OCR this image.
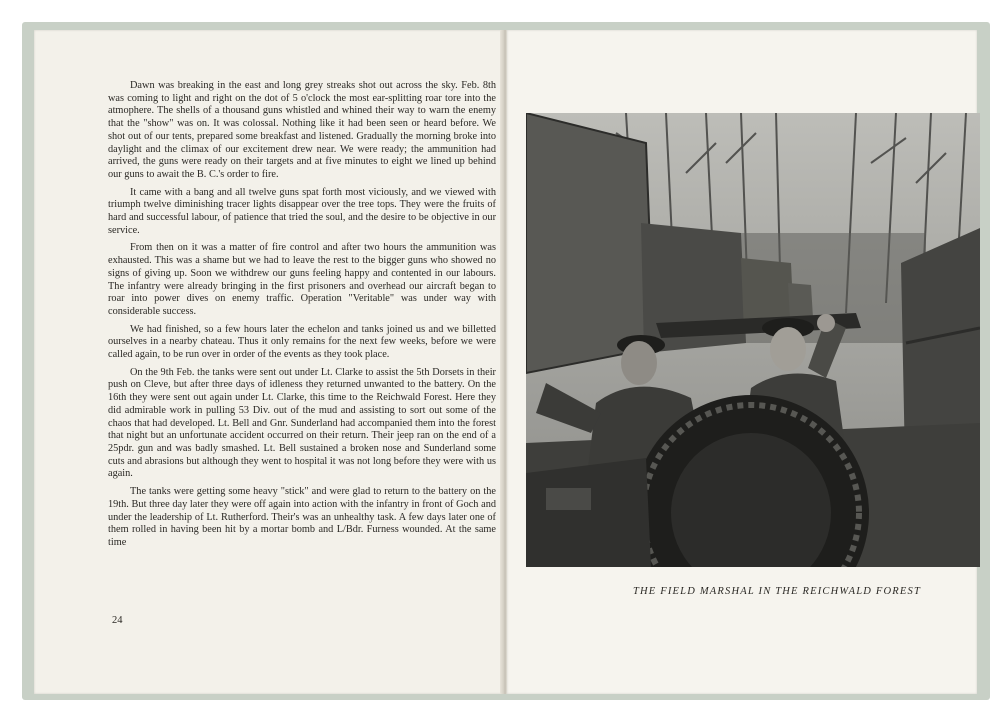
Dawn was breaking in the east and long grey streaks shot out across the sky. Feb. 8th was coming to light and right on the dot of 5 o'clock the most ear-splitting roar tore into the atmophere. The shells of a thousand guns whistled and whined their way to warn the enemy that the "show" was on. It was colossal. Nothing like it had been seen or heard before. We shot out of our tents, prepared some breakfast and listened. Gradually the morning broke into daylight and the climax of our excitement drew near. We were ready; the ammunition had arrived, the guns were ready on their targets and at five minutes to eight we lined up behind our guns to await the B. C.'s order to fire.

It came with a bang and all twelve guns spat forth most viciously, and we viewed with triumph twelve diminishing tracer lights disappear over the tree tops. They were the fruits of hard and successful labour, of patience that tried the soul, and the desire to be objective in our service.

From then on it was a matter of fire control and after two hours the ammunition was exhausted. This was a shame but we had to leave the rest to the bigger guns who showed no signs of giving up. Soon we withdrew our guns feeling happy and contented in our labours. The infantry were already bringing in the first prisoners and overhead our aircraft began to roar into power dives on enemy traffic. Operation "Veritable" was under way with considerable success.

We had finished, so a few hours later the echelon and tanks joined us and we billetted ourselves in a nearby chateau. Thus it only remains for the next few weeks, before we were called again, to be run over in order of the events as they took place.

On the 9th Feb. the tanks were sent out under Lt. Clarke to assist the 5th Dorsets in their push on Cleve, but after three days of idleness they returned unwanted to the battery. On the 16th they were sent out again under Lt. Clarke, this time to the Reichwald Forest. Here they did admirable work in pulling 53 Div. out of the mud and assisting to sort out some of the chaos that had developed. Lt. Bell and Gnr. Sunderland had accompanied them into the forest that night but an unfortunate accident occurred on their return. Their jeep ran on the end of a 25pdr. gun and was badly smashed. Lt. Bell sustained a broken nose and Sunderland some cuts and abrasions but although they went to hospital it was not long before they were with us again.

The tanks were getting some heavy "stick" and were glad to return to the battery on the 19th. But three day later they were off again into action with the infantry in front of Goch and under the leadership of Lt. Rutherford. Their's was an unhealthy task. A few days later one of them rolled in having been hit by a mortar bomb and L/Bdr. Furness wounded. At the same time

24
THE FIELD MARSHAL IN THE REICHWALD FOREST
